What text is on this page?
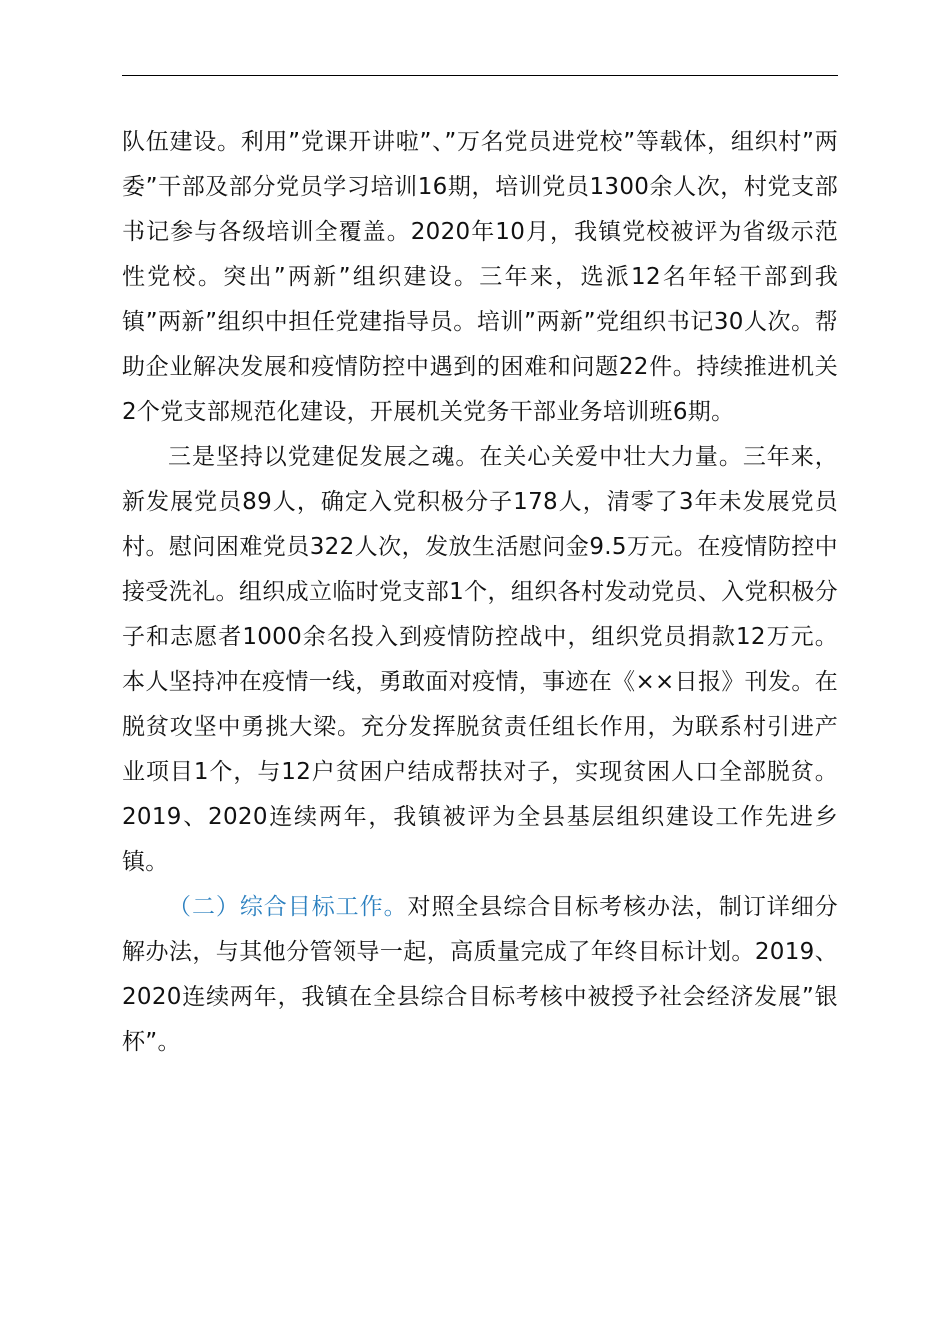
队伍建设。利用”党课开讲啦”、”万名党员进党校”等载体，组织村”两委”干部及部分党员学习培训16期，培训党员1300余人次，村党支部书记参与各级培训全覆盖。2020年10月，我镇党校被评为省级示范性党校。突出”两新”组织建设。三年来，选派12名年轻干部到我镇”两新”组织中担任党建指导员。培训”两新”党组织书记30人次。帮助企业解决发展和疫情防控中遇到的困难和问题22件。持续推进机关2个党支部规范化建设，开展机关党务干部业务培训班6期。

三是坚持以党建促发展之魂。在关心关爱中壮大力量。三年来，新发展党员89人，确定入党积极分子178人，清零了3年未发展党员村。慰问困难党员322人次，发放生活慰问金9.5万元。在疫情防控中接受洗礼。组织成立临时党支部1个，组织各村发动党员、入党积极分子和志愿者1000余名投入到疫情防控战中，组织党员捐款12万元。本人坚持冲在疫情一线，勇敢面对疫情，事迹在《××日报》刊发。在脱贫攻坚中勇挑大梁。充分发挥脱贫责任组长作用，为联系村引进产业项目1个，与12户贫困户结成帮扶对子，实现贫困人口全部脱贫。2019、2020连续两年，我镇被评为全县基层组织建设工作先进乡镇。

（二）综合目标工作。对照全县综合目标考核办法，制订详细分解办法，与其他分管领导一起，高质量完成了年终目标计划。2019、2020连续两年，我镇在全县综合目标考核中被授予社会经济发展”银杯”。
